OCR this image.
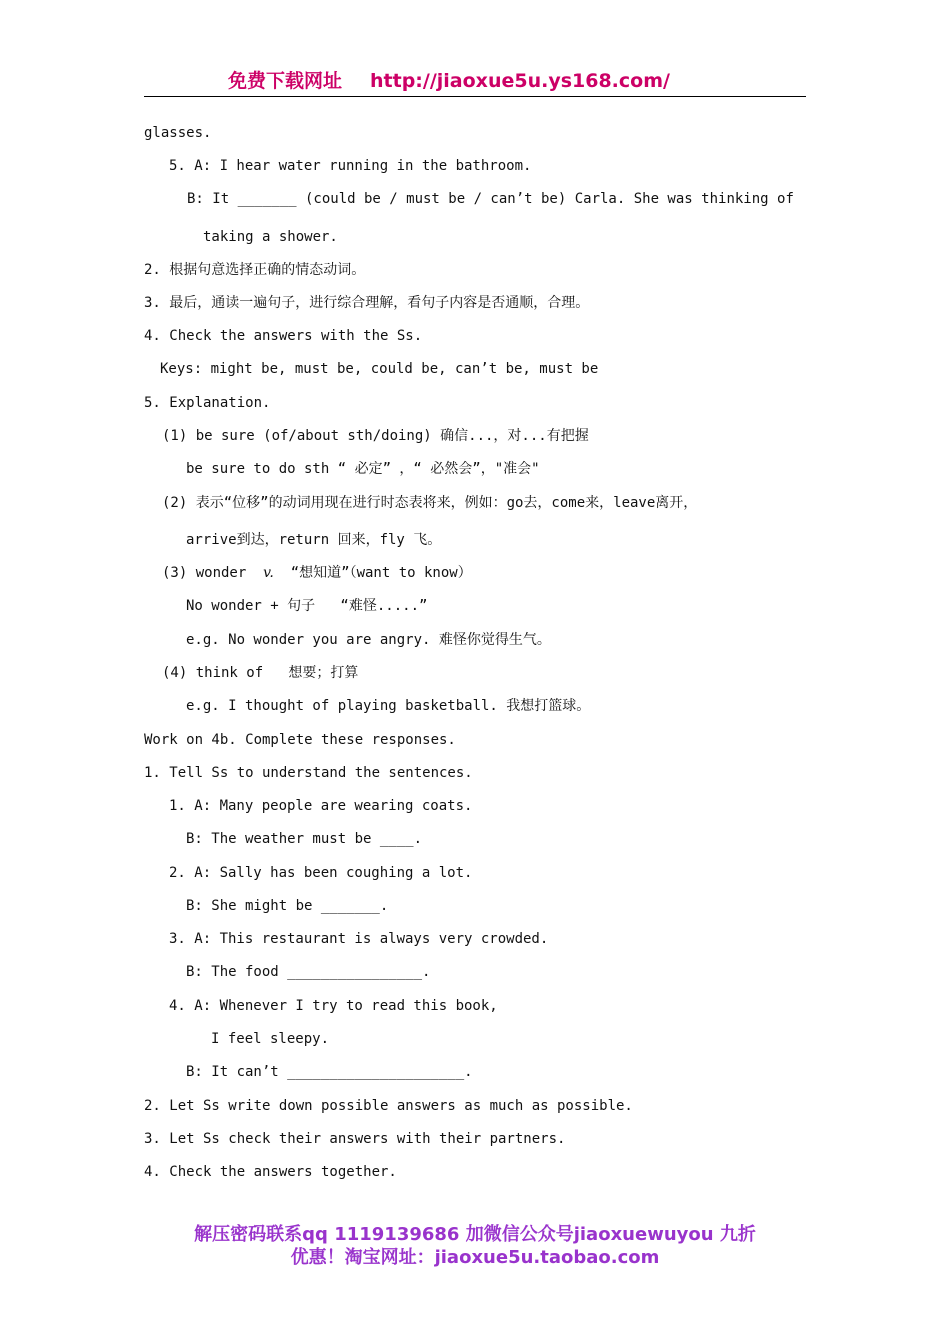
免费下载网址 http://jiaoxue5u.ys168.com/
glasses.
5. A: I hear water running in the bathroom.
B: It _______ (could be / must be / can’t be) Carla. She was thinking of
taking a shower.
2. 根据句意选择正确的情态动词。
3. 最后，通读一遍句子，进行综合理解，看句子内容是否通顺，合理。
4. Check the answers with the Ss.
Keys: might be, must be, could be, can’t be, must be
5. Explanation.
(1) be sure (of/about sth/doing) 确信...，对...有把握
be sure to do sth “ 必定” ，“ 必然会”，"准会"
(2) 表示“位移”的动词用现在进行时态表将来，例如：go去，come来，leave离开，
arrive到达，return 回来，fly 飞。
(3) wonder  v.  “想知道”（want to know）
No wonder + 句子   “难怪.....”
e.g. No wonder you are angry. 难怪你觉得生气。
(4) think of   想要；打算
e.g. I thought of playing basketball. 我想打篮球。
Work on 4b. Complete these responses.
1. Tell Ss to understand the sentences.
1. A: Many people are wearing coats.
B: The weather must be ____.
2. A: Sally has been coughing a lot.
B: She might be _______.
3. A: This restaurant is always very crowded.
B: The food ________________.
4. A: Whenever I try to read this book,
I feel sleepy.
B: It can’t _____________________.
2. Let Ss write down possible answers as much as possible.
3. Let Ss check their answers with their partners.
4. Check the answers together.
解压密码联系qq 1119139686 加微信公众号jiaoxuewuyou 九折
优惠！淘宝网址：jiaoxue5u.taobao.com
